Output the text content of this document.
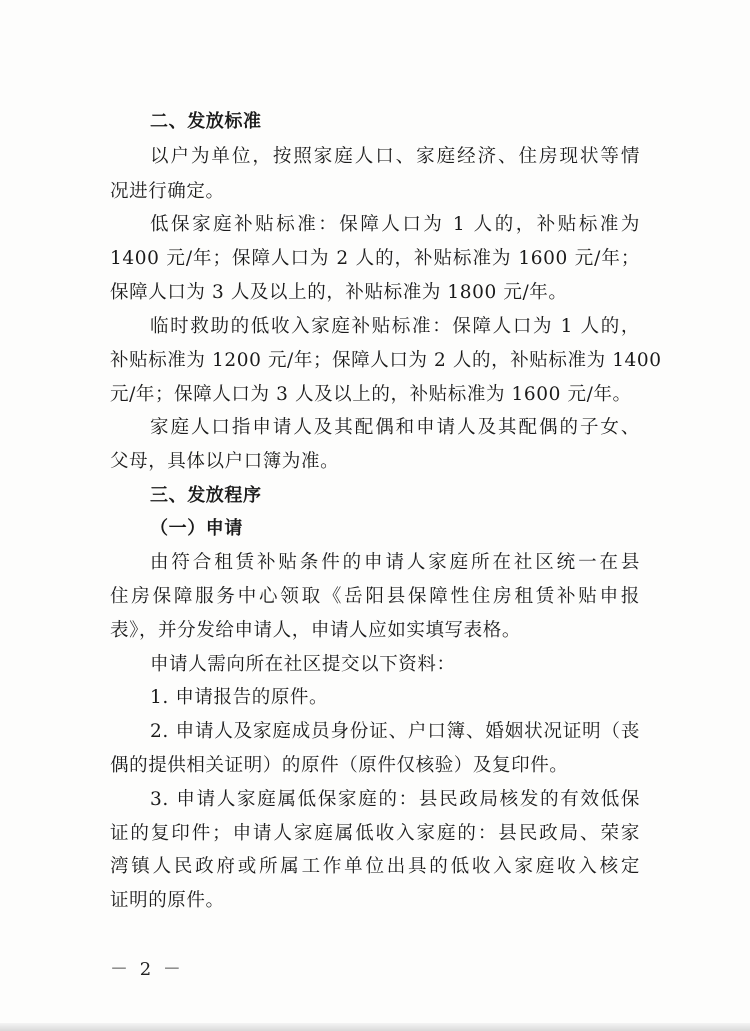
二、发放标准
以户为单位，按照家庭人口、家庭经济、住房现状等情
况进行确定。
低保家庭补贴标准：保障人口为 1 人的，补贴标准为
1400 元/年；保障人口为 2 人的，补贴标准为 1600 元/年；
保障人口为 3 人及以上的，补贴标准为 1800 元/年。
临时救助的低收入家庭补贴标准：保障人口为 1 人的，
补贴标准为 1200 元/年；保障人口为 2 人的，补贴标准为 1400
元/年；保障人口为 3 人及以上的，补贴标准为 1600 元/年。
家庭人口指申请人及其配偶和申请人及其配偶的子女、
父母，具体以户口簿为准。
三、发放程序
（一）申请
由符合租赁补贴条件的申请人家庭所在社区统一在县
住房保障服务中心领取《岳阳县保障性住房租赁补贴申报
表》，并分发给申请人，申请人应如实填写表格。
申请人需向所在社区提交以下资料：
1. 申请报告的原件。
2. 申请人及家庭成员身份证、户口簿、婚姻状况证明（丧
偶的提供相关证明）的原件（原件仅核验）及复印件。
3. 申请人家庭属低保家庭的：县民政局核发的有效低保
证的复印件；申请人家庭属低收入家庭的：县民政局、荣家
湾镇人民政府或所属工作单位出具的低收入家庭收入核定
证明的原件。
－ 2 －
